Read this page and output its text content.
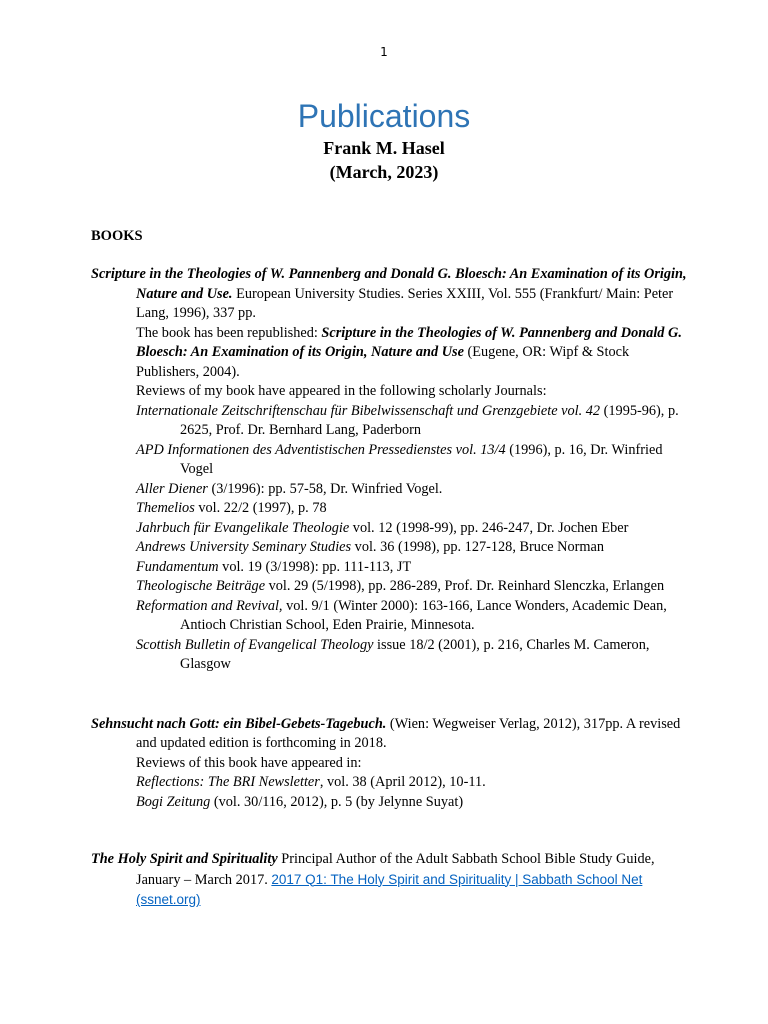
1
Publications
Frank M. Hasel
(March, 2023)
BOOKS

Scripture in the Theologies of W. Pannenberg and Donald G. Bloesch: An Examination of its Origin, Nature and Use. European University Studies. Series XXIII, Vol. 555 (Frankfurt/ Main: Peter Lang, 1996), 337 pp.

The book has been republished: Scripture in the Theologies of W. Pannenberg and Donald G. Bloesch: An Examination of its Origin, Nature and Use (Eugene, OR: Wipf & Stock Publishers, 2004).

Reviews of my book have appeared in the following scholarly Journals:

Internationale Zeitschriftenschau für Bibelwissenschaft und Grenzgebiete vol. 42 (1995-96), p. 2625, Prof. Dr. Bernhard Lang, Paderborn

APD Informationen des Adventistischen Pressedienstes vol. 13/4 (1996), p. 16, Dr. Winfried Vogel

Aller Diener (3/1996): pp. 57-58, Dr. Winfried Vogel.

Themelios vol. 22/2 (1997), p. 78

Jahrbuch für Evangelikale Theologie vol. 12 (1998-99), pp. 246-247, Dr. Jochen Eber

Andrews University Seminary Studies vol. 36 (1998), pp. 127-128, Bruce Norman

Fundamentum vol. 19 (3/1998): pp. 111-113, JT

Theologische Beiträge vol. 29 (5/1998), pp. 286-289, Prof. Dr. Reinhard Slenczka, Erlangen

Reformation and Revival, vol. 9/1 (Winter 2000): 163-166, Lance Wonders, Academic Dean, Antioch Christian School, Eden Prairie, Minnesota.

Scottish Bulletin of Evangelical Theology issue 18/2 (2001), p. 216, Charles M. Cameron, Glasgow

Sehnsucht nach Gott: ein Bibel-Gebets-Tagebuch. (Wien: Wegweiser Verlag, 2012), 317pp. A revised and updated edition is forthcoming in 2018.

Reviews of this book have appeared in:

Reflections: The BRI Newsletter, vol. 38 (April 2012), 10-11.

Bogi Zeitung (vol. 30/116, 2012), p. 5 (by Jelynne Suyat)

The Holy Spirit and Spirituality Principal Author of the Adult Sabbath School Bible Study Guide, January – March 2017. 2017 Q1: The Holy Spirit and Spirituality | Sabbath School Net (ssnet.org)
